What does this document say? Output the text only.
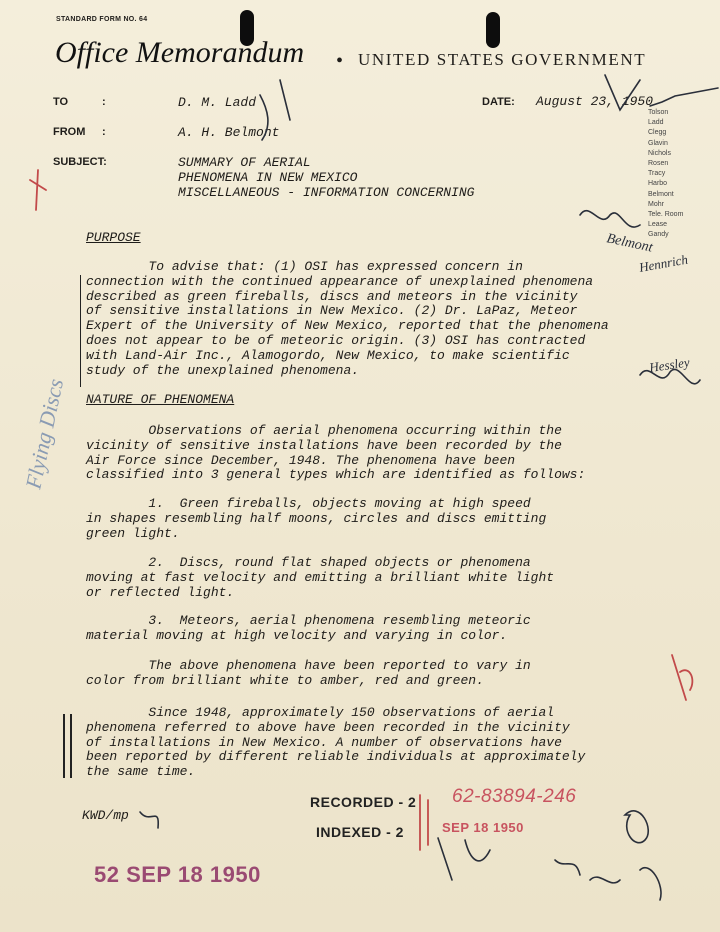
STANDARD FORM NO. 64
Office Memorandum • UNITED STATES GOVERNMENT
TO	:	D. M. Ladd
FROM :	A. H. Belmont
SUBJECT:	SUMMARY OF AERIAL
PHENOMENA IN NEW MEXICO
MISCELLANEOUS - INFORMATION CONCERNING
DATE: August 23, 1950
Tolson
Ladd
Clegg
Glavin
Nichols
Rosen
Tracy
Harbo
Belmont
Mohr
Tele. Room
Lease
Gandy
PURPOSE
To advise that: (1) OSI has expressed concern in
connection with the continued appearance of unexplained phenomena
described as green fireballs, discs and meteors in the vicinity
of sensitive installations in New Mexico. (2) Dr. LaPaz, Meteor
Expert of the University of New Mexico, reported that the phenomena
does not appear to be of meteoric origin. (3) OSI has contracted
with Land-Air Inc., Alamogordo, New Mexico, to make scientific
study of the unexplained phenomena.
NATURE OF PHENOMENA
Observations of aerial phenomena occurring within the
vicinity of sensitive installations have been recorded by the
Air Force since December, 1948. The phenomena have been
classified into 3 general types which are identified as follows:
1.  Green fireballs, objects moving at high speed
in shapes resembling half moons, circles and discs emitting
green light.
2.  Discs, round flat shaped objects or phenomena
moving at fast velocity and emitting a brilliant white light
or reflected light.
3.  Meteors, aerial phenomena resembling meteoric
material moving at high velocity and varying in color.
The above phenomena have been reported to vary in
color from brilliant white to amber, red and green.
Since 1948, approximately 150 observations of aerial
phenomena referred to above have been recorded in the vicinity
of installations in New Mexico. A number of observations have
been reported by different reliable individuals at approximately
the same time.
KWD/mp
RECORDED - 2
INDEXED - 2
62-83894-246
SEP 18 1950
52 SEP 18 1950
Flying Discs
Belmont
Hennrich
Hessley
